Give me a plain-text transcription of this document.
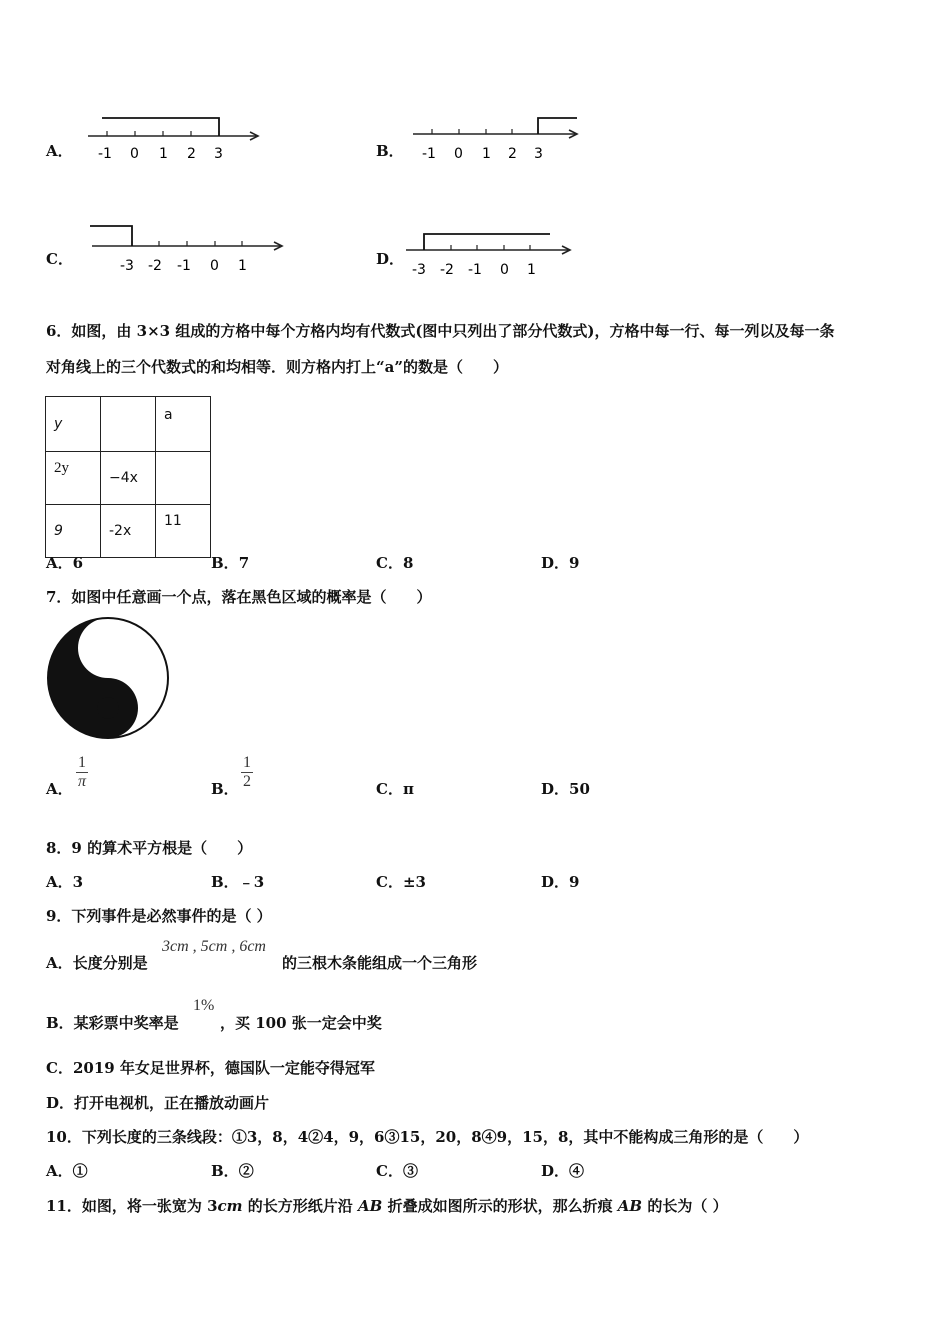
A． -1 0 1 2 3	B． -1 0 1 2 3
C．	-3 -2 -1 0 1	D．
-3 -2 -1 0 1
6．如图，由 3×3 组成的方格中每个方格内均有代数式(图中只列出了部分代数式)，方格中每一行、每一列以及每一条
对角线上的三个代数式的和均相等．则方格内打上“a”的数是（　　）
y		a
2y	−4x	
9	-2x	11
A．6	B．7	C．8	D．9
7．如图中任意画一个点，落在黑色区域的概率是（　　）
A．
1
π	B．
1
2	C．π	D．50
8．9 的算术平方根是（　　）
A．3	B．﹣3	C．±3	D．9
9．下列事件是必然事件的是（ ）
A．长度分别是
3cm , 5cm , 6cm
的三根木条能组成一个三角形
B．某彩票中奖率是
1%
，买 100 张一定会中奖
C．2019 年女足世界杯，德国队一定能夺得冠军
D．打开电视机，正在播放动画片
10．下列长度的三条线段：①3，8，4②4，9，6③15，20，8④9，15，8，其中不能构成三角形的是（　　）
A．①	B．②	C．③	D．④
11．如图，将一张宽为 3cm 的长方形纸片沿 AB 折叠成如图所示的形状，那么折痕 AB 的长为（ ）
